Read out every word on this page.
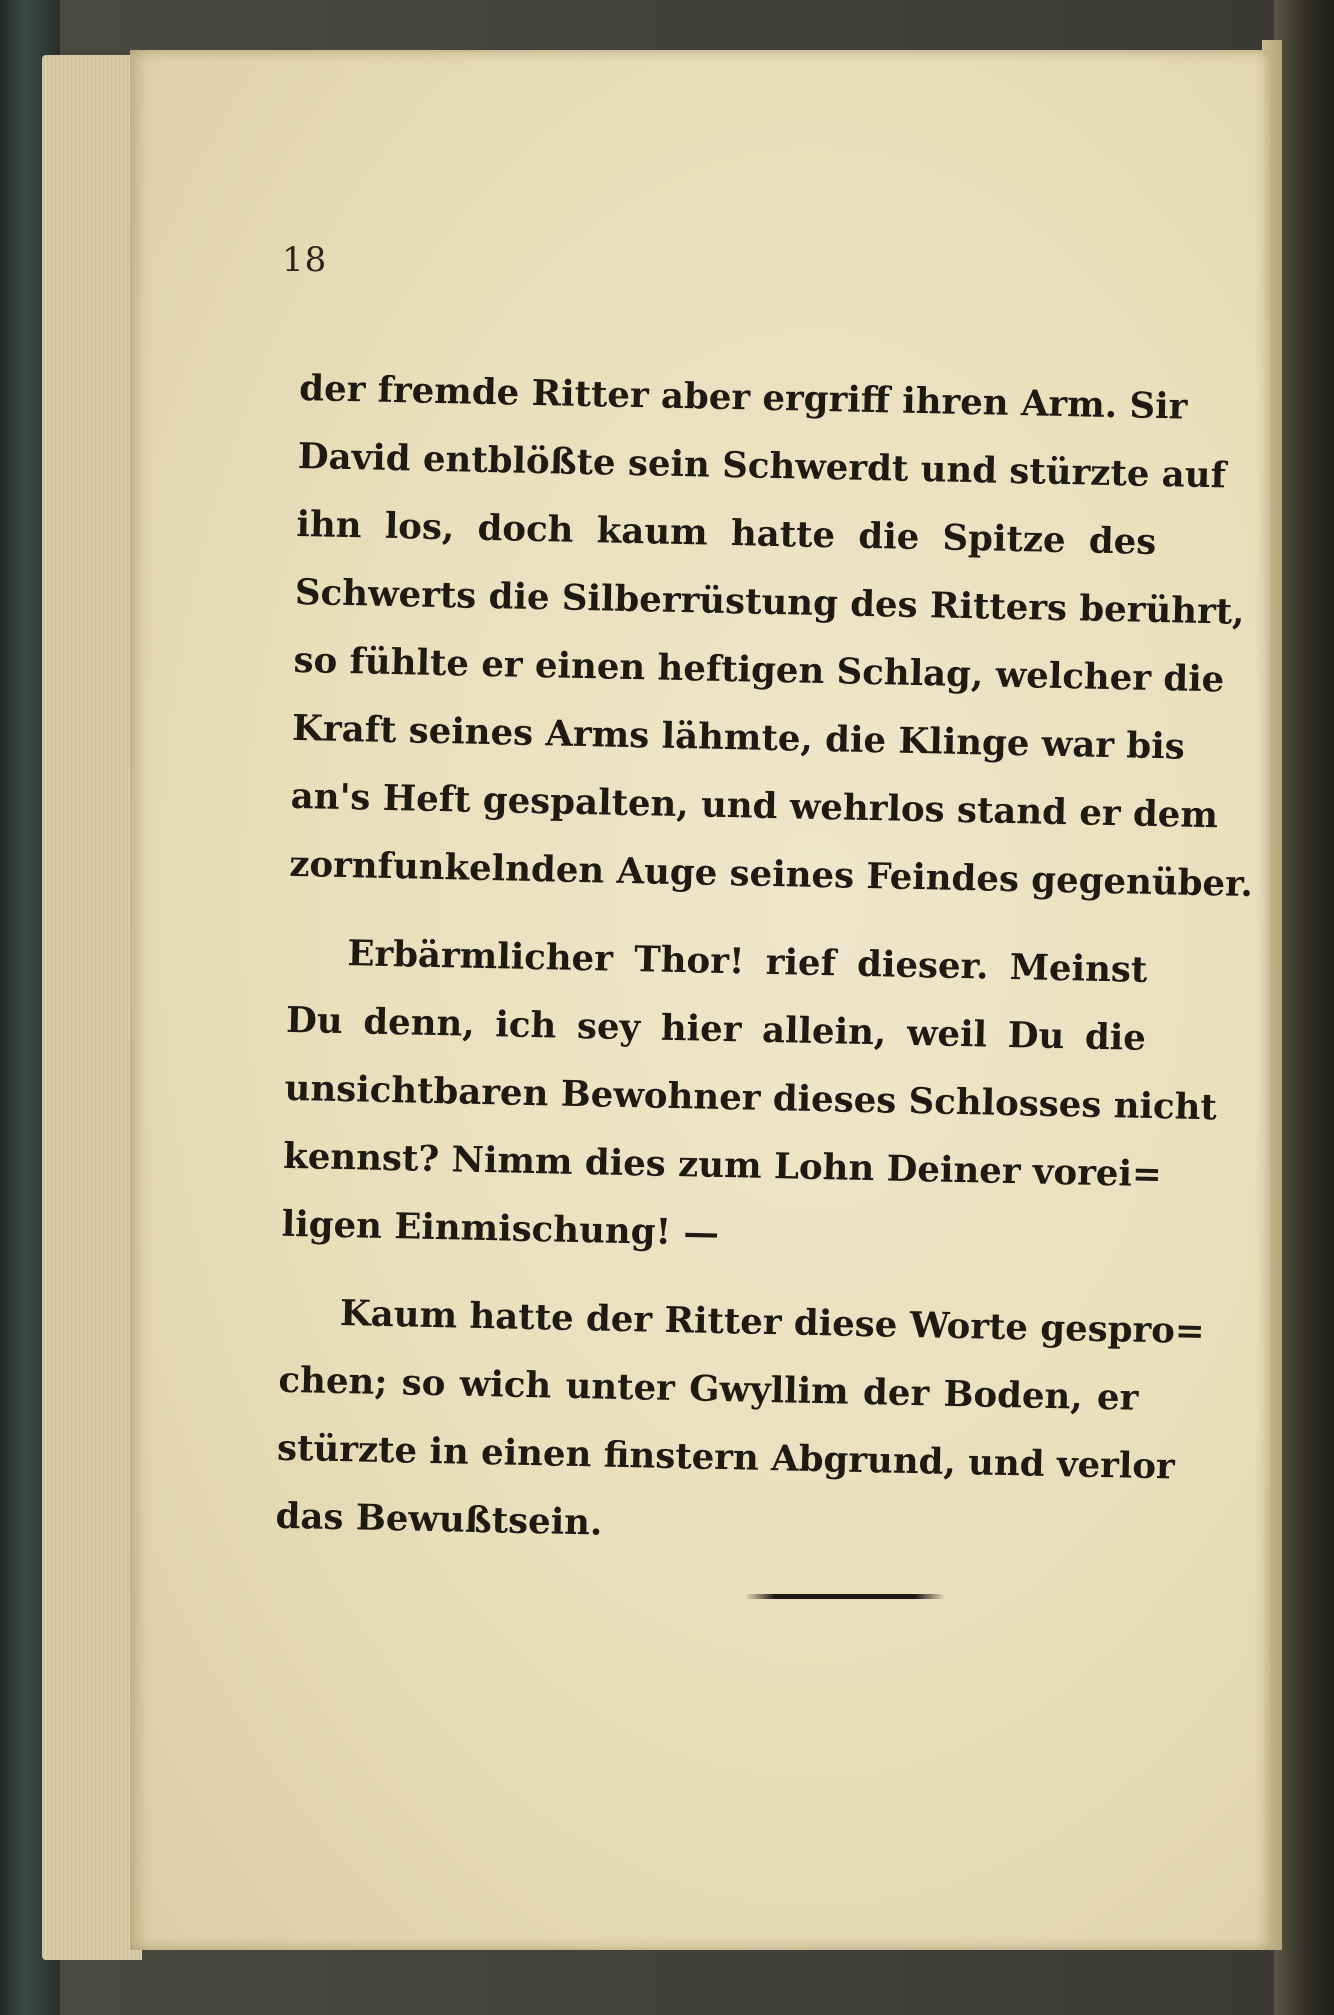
18
der fremde Ritter aber ergriff ihren Arm. Sir
David entblößte sein Schwerdt und stürzte auf
ihn los, doch kaum hatte die Spitze des
Schwerts die Silberrüstung des Ritters berührt,
so fühlte er einen heftigen Schlag, welcher die
Kraft seines Arms lähmte, die Klinge war bis
an's Heft gespalten, und wehrlos stand er dem
zornfunkelnden Auge seines Feindes gegenüber.
Erbärmlicher Thor! rief dieser. Meinst
Du denn, ich sey hier allein, weil Du die
unsichtbaren Bewohner dieses Schlosses nicht
kennst? Nimm dies zum Lohn Deiner vorei=
ligen Einmischung! —
Kaum hatte der Ritter diese Worte gespro=
chen; so wich unter Gwyllim der Boden, er
stürzte in einen finstern Abgrund, und verlor
das Bewußtsein.
